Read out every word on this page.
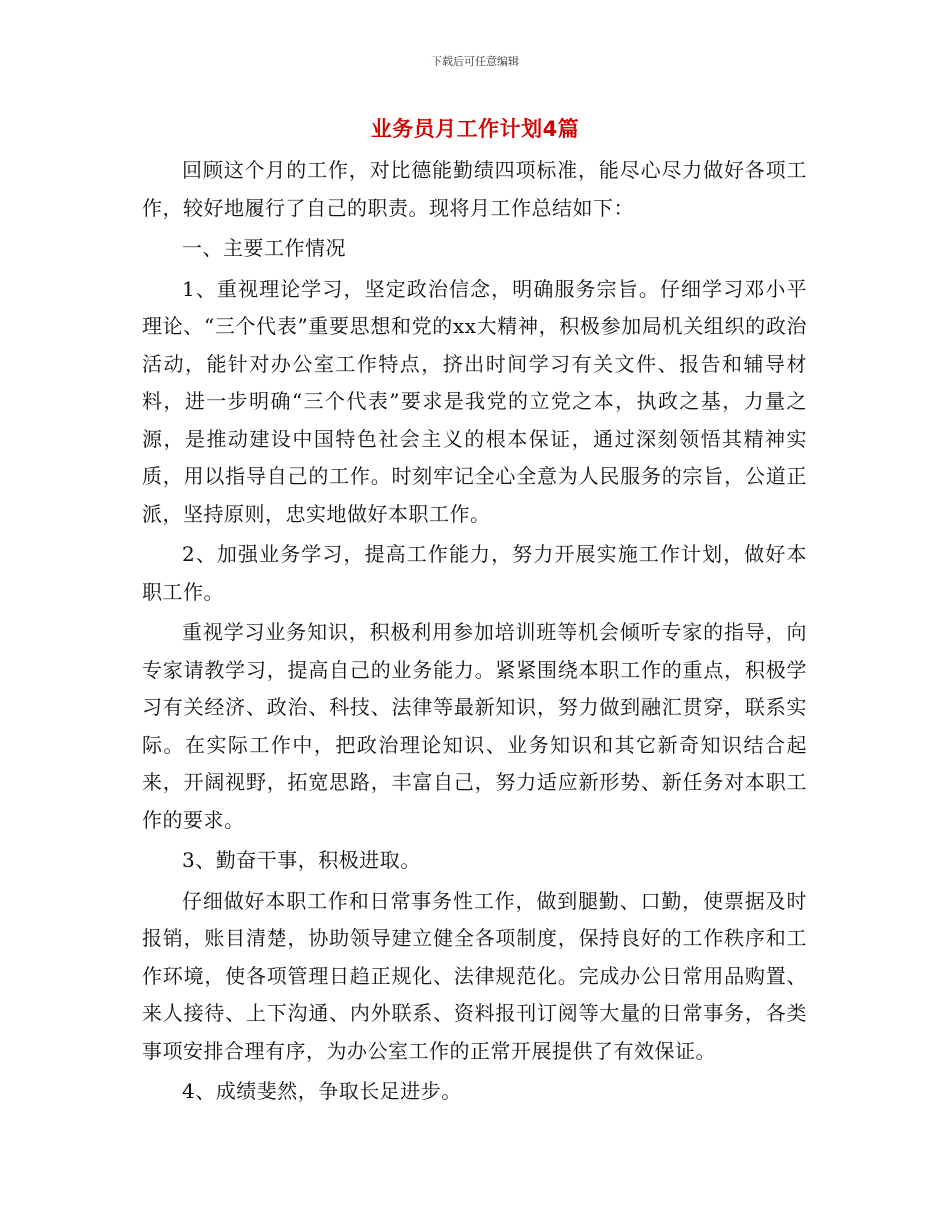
下载后可任意编辑
业务员月工作计划4篇

回顾这个月的工作，对比德能勤绩四项标准，能尽心尽力做好各项工作，较好地履行了自己的职责。现将月工作总结如下：

一、主要工作情况

1、重视理论学习，坚定政治信念，明确服务宗旨。仔细学习邓小平理论、“三个代表”重要思想和党的xx大精神，积极参加局机关组织的政治活动，能针对办公室工作特点，挤出时间学习有关文件、报告和辅导材料，进一步明确“三个代表”要求是我党的立党之本，执政之基，力量之源，是推动建设中国特色社会主义的根本保证，通过深刻领悟其精神实质，用以指导自己的工作。时刻牢记全心全意为人民服务的宗旨，公道正派，坚持原则，忠实地做好本职工作。

2、加强业务学习，提高工作能力，努力开展实施工作计划，做好本职工作。

重视学习业务知识，积极利用参加培训班等机会倾听专家的指导，向专家请教学习，提高自己的业务能力。紧紧围绕本职工作的重点，积极学习有关经济、政治、科技、法律等最新知识，努力做到融汇贯穿，联系实际。在实际工作中，把政治理论知识、业务知识和其它新奇知识结合起来，开阔视野，拓宽思路，丰富自己，努力适应新形势、新任务对本职工作的要求。

3、勤奋干事，积极进取。

仔细做好本职工作和日常事务性工作，做到腿勤、口勤，使票据及时报销，账目清楚，协助领导建立健全各项制度，保持良好的工作秩序和工作环境，使各项管理日趋正规化、法律规范化。完成办公日常用品购置、来人接待、上下沟通、内外联系、资料报刊订阅等大量的日常事务，各类事项安排合理有序，为办公室工作的正常开展提供了有效保证。

4、成绩斐然，争取长足进步。
